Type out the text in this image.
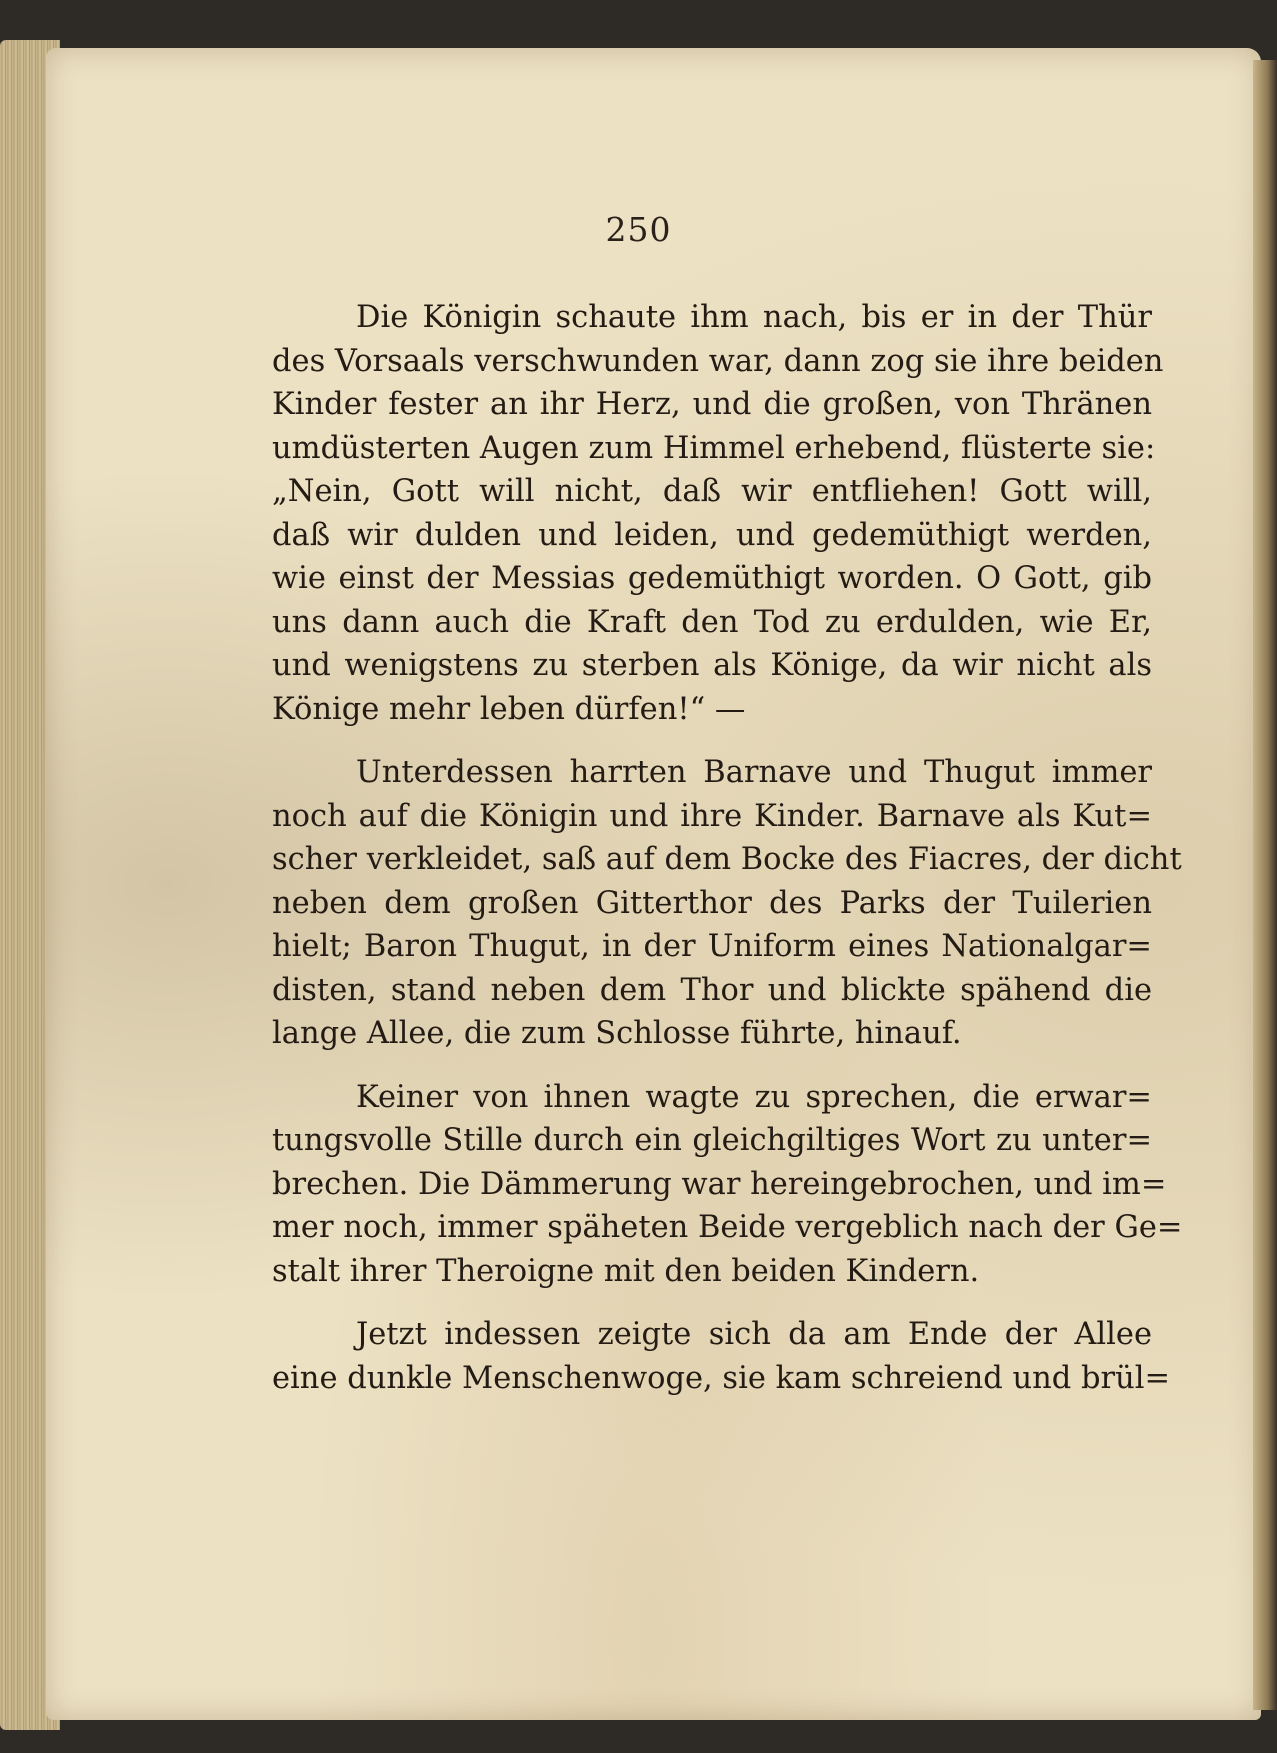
250

Die Königin schaute ihm nach, bis er in der Thür
des Vorsaals verschwunden war, dann zog sie ihre beiden
Kinder fester an ihr Herz, und die großen, von Thränen
umdüsterten Augen zum Himmel erhebend, flüsterte sie:
„Nein, Gott will nicht, daß wir entfliehen! Gott will,
daß wir dulden und leiden, und gedemüthigt werden,
wie einst der Messias gedemüthigt worden. O Gott, gib
uns dann auch die Kraft den Tod zu erdulden, wie Er,
und wenigstens zu sterben als Könige, da wir nicht als
Könige mehr leben dürfen!“ —

Unterdessen harrten Barnave und Thugut immer
noch auf die Königin und ihre Kinder. Barnave als Kut=
scher verkleidet, saß auf dem Bocke des Fiacres, der dicht
neben dem großen Gitterthor des Parks der Tuilerien
hielt; Baron Thugut, in der Uniform eines Nationalgar=
disten, stand neben dem Thor und blickte spähend die
lange Allee, die zum Schlosse führte, hinauf.

Keiner von ihnen wagte zu sprechen, die erwar=
tungsvolle Stille durch ein gleichgiltiges Wort zu unter=
brechen. Die Dämmerung war hereingebrochen, und im=
mer noch, immer späheten Beide vergeblich nach der Ge=
stalt ihrer Theroigne mit den beiden Kindern.

Jetzt indessen zeigte sich da am Ende der Allee
eine dunkle Menschenwoge, sie kam schreiend und brül=
